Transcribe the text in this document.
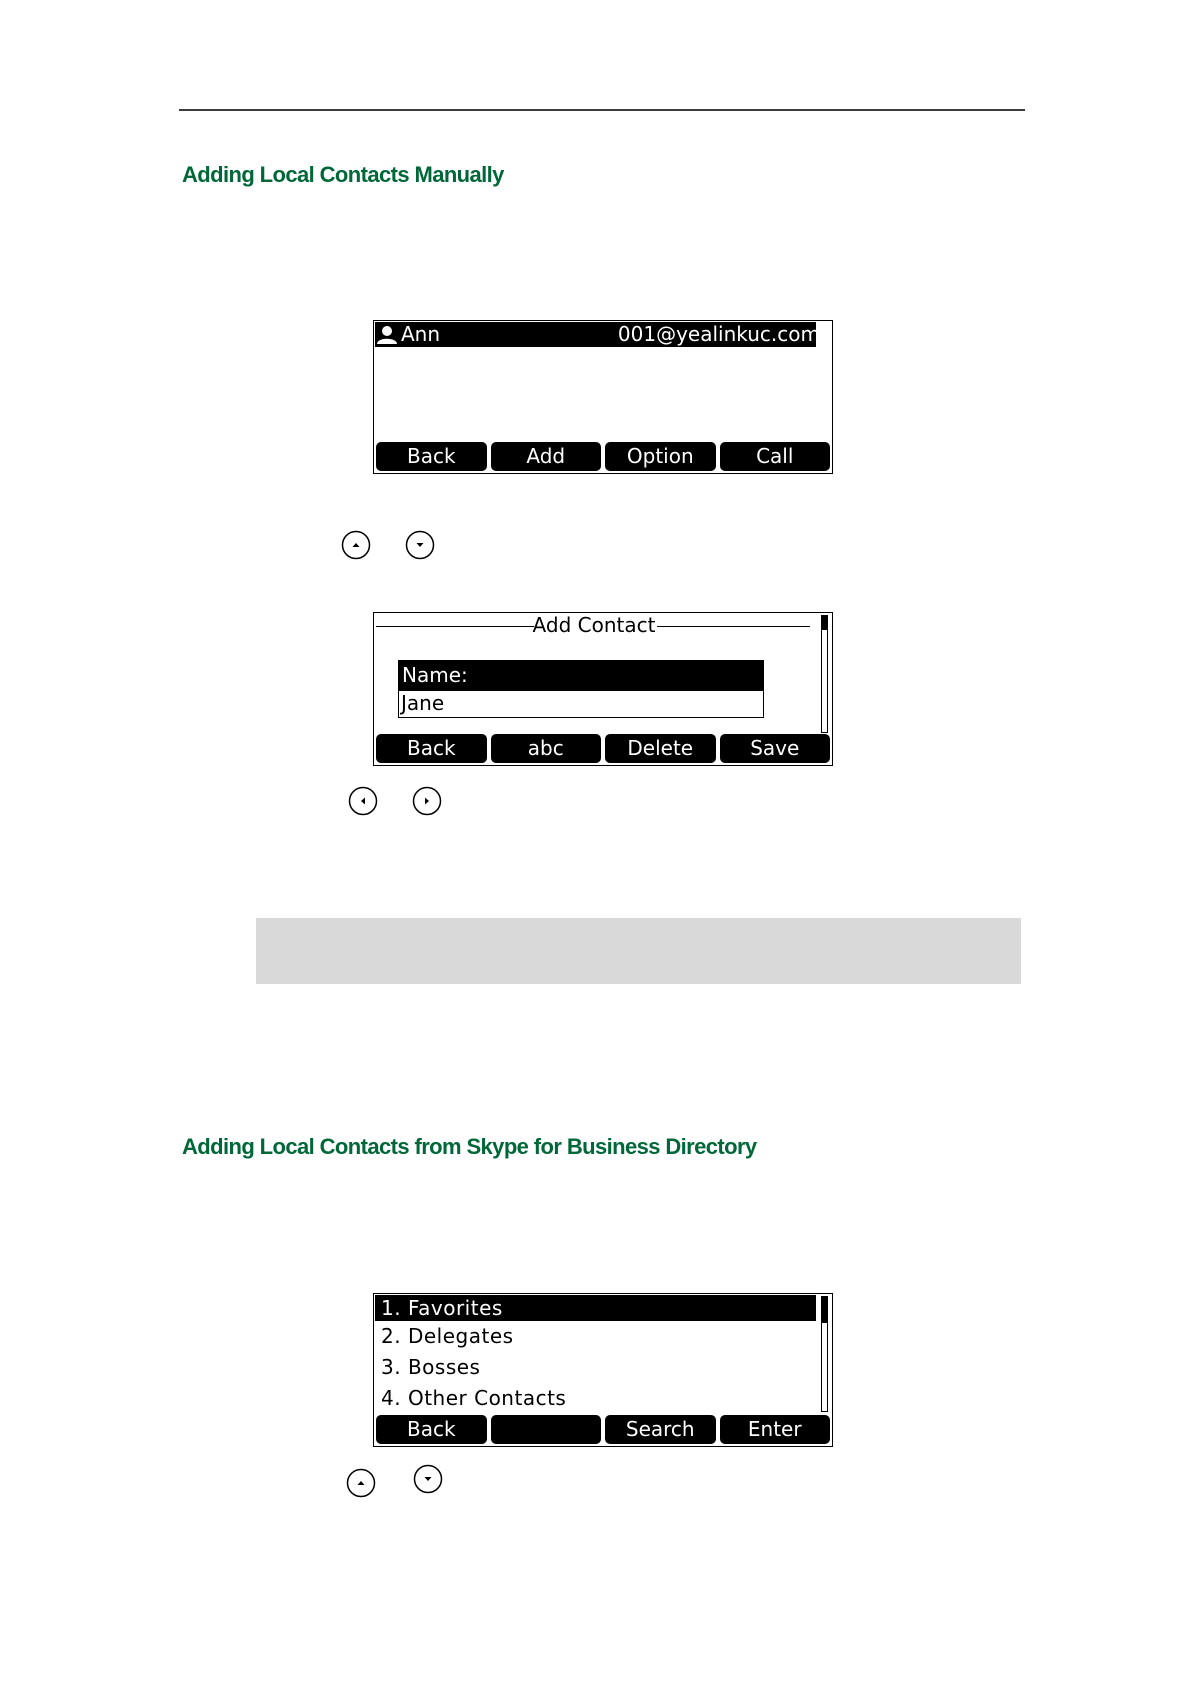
Adding Local Contacts Manually
Ann	001@yealinkuc.com
Back	Add	Option	Call
Add Contact
Name:
Jane
Back	abc	Delete	Save
Adding Local Contacts from Skype for Business Directory
1. Favorites
2. Delegates
3. Bosses
4. Other Contacts
Back	Search	Enter
